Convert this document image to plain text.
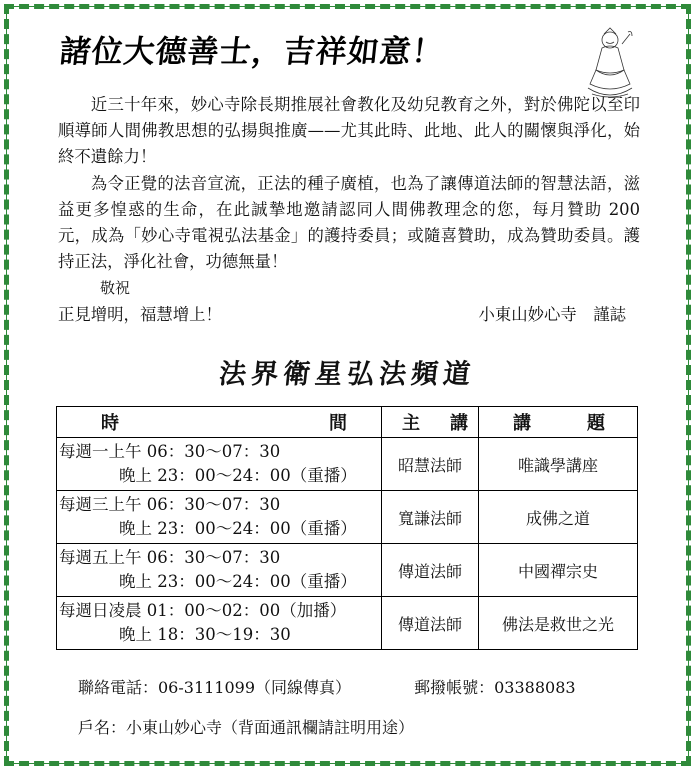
諸位大德善士，吉祥如意！

近三十年來，妙心寺除長期推展社會教化及幼兒教育之外，對於佛陀以至印順導師人間佛教思想的弘揚與推廣——尤其此時、此地、此人的關懷與淨化，始終不遺餘力！

為令正覺的法音宣流，正法的種子廣植，也為了讓傳道法師的智慧法語，滋益更多惶惑的生命，在此誠摯地邀請認同人間佛教理念的您，每月贊助 200 元，成為「妙心寺電視弘法基金」的護持委員；或隨喜贊助，成為贊助委員。護持正法，淨化社會，功德無量！

敬祝

正見增明，福慧增上！	小東山妙心寺　謹誌

法界衛星弘法頻道
時 間	主 講	講 題

每週一上午 06：30～07：30
晚上 23：00～24：00（重播）	昭慧法師	唯識學講座

每週三上午 06：30～07：30
晚上 23：00～24：00（重播）	寬謙法師	成佛之道

每週五上午 06：30～07：30
晚上 23：00～24：00（重播）	傳道法師	中國禪宗史

每週日凌晨 01：00～02：00（加播）
晚上 18：30～19：30	傳道法師	佛法是救世之光
聯絡電話：06-3111099（同線傳真）	郵撥帳號：03388083
戶名：小東山妙心寺（背面通訊欄請註明用途）
